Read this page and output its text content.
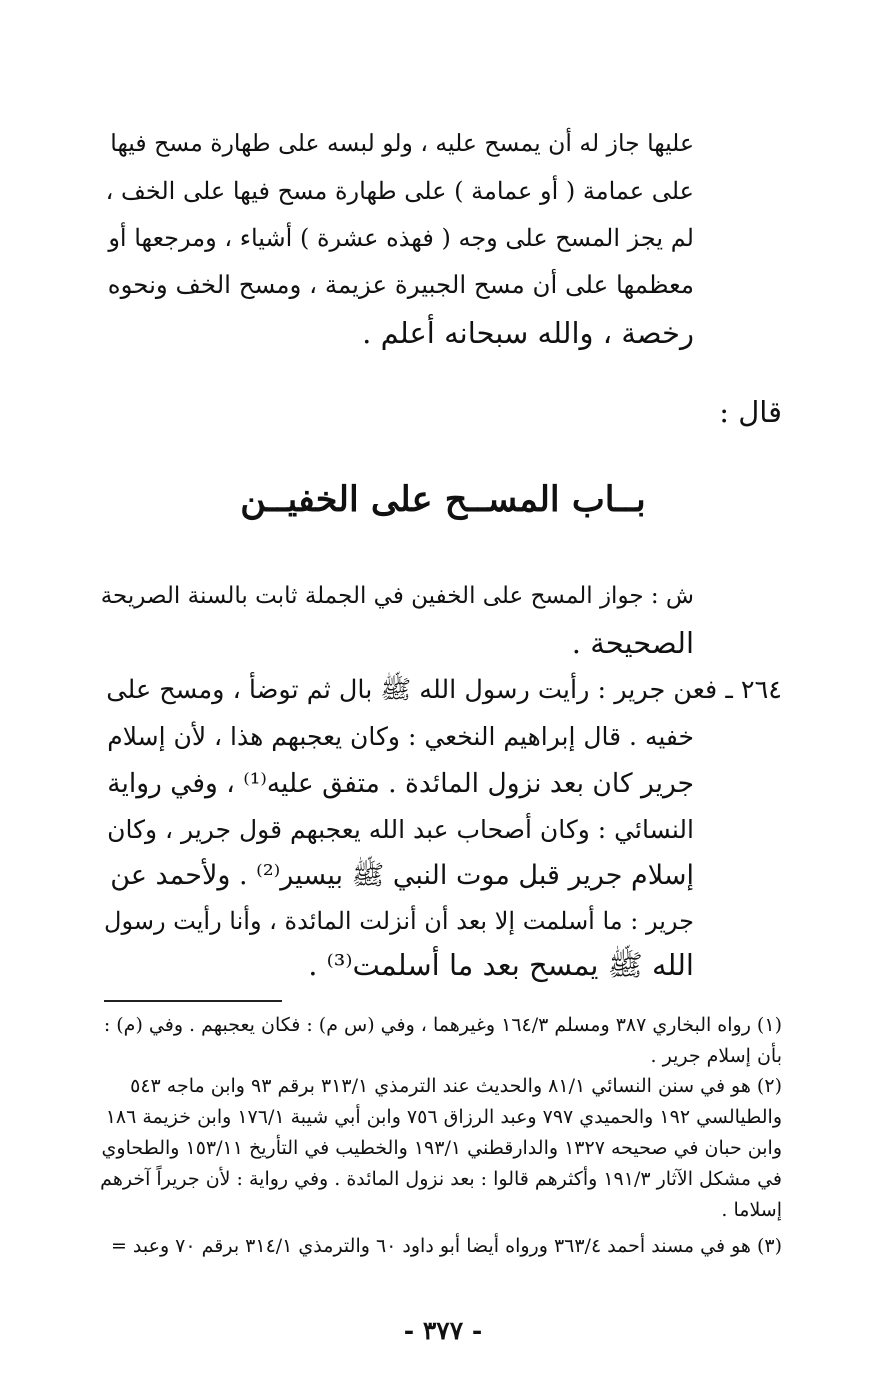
عليها جاز له أن يمسح عليه ، ولو لبسه على طهارة مسح فيها
على عمامة ( أو عمامة ) على طهارة مسح فيها على الخف ،
لم يجز المسح على وجه ( فهذه عشرة ) أشياء ، ومرجعها أو
معظمها على أن مسح الجبيرة عزيمة ، ومسح الخف ونحوه
رخصة ، والله سبحانه أعلم .
قال :
بــاب المســح على الخفيــن
ش : جواز المسح على الخفين في الجملة ثابت بالسنة الصريحة
الصحيحة .
٢٦٤ ـ فعن جرير : رأيت رسول الله ﷺ بال ثم توضأ ، ومسح على
خفيه . قال إبراهيم النخعي : وكان يعجبهم هذا ، لأن إسلام
جرير كان بعد نزول المائدة . متفق عليه⁽¹⁾ ، وفي رواية
النسائي : وكان أصحاب عبد الله يعجبهم قول جرير ، وكان
إسلام جرير قبل موت النبي ﷺ بيسير⁽²⁾ . ولأحمد عن
جرير : ما أسلمت إلا بعد أن أنزلت المائدة ، وأنا رأيت رسول
الله ﷺ يمسح بعد ما أسلمت⁽³⁾ .
(١) رواه البخاري ٣٨٧ ومسلم ١٦٤/٣ وغيرهما ، وفي (س م) : فكان يعجبهم . وفي (م) :
بأن إسلام جرير .
(٢) هو في سنن النسائي ٨١/١ والحديث عند الترمذي ٣١٣/١ برقم ٩٣ وابن ماجه ٥٤٣
والطيالسي ١٩٢ والحميدي ٧٩٧ وعبد الرزاق ٧٥٦ وابن أبي شيبة ١٧٦/١ وابن خزيمة ١٨٦
وابن حبان في صحيحه ١٣٢٧ والدارقطني ١٩٣/١ والخطيب في التأريخ ١٥٣/١١ والطحاوي
في مشكل الآثار ١٩١/٣ وأكثرهم قالوا : بعد نزول المائدة . وفي رواية : لأن جريراً آخرهم
إسلاما .
(٣) هو في مسند أحمد ٣٦٣/٤ ورواه أيضا أبو داود ٦٠ والترمذي ٣١٤/١ برقم ٧٠ وعبد =
- ٣٧٧ -
